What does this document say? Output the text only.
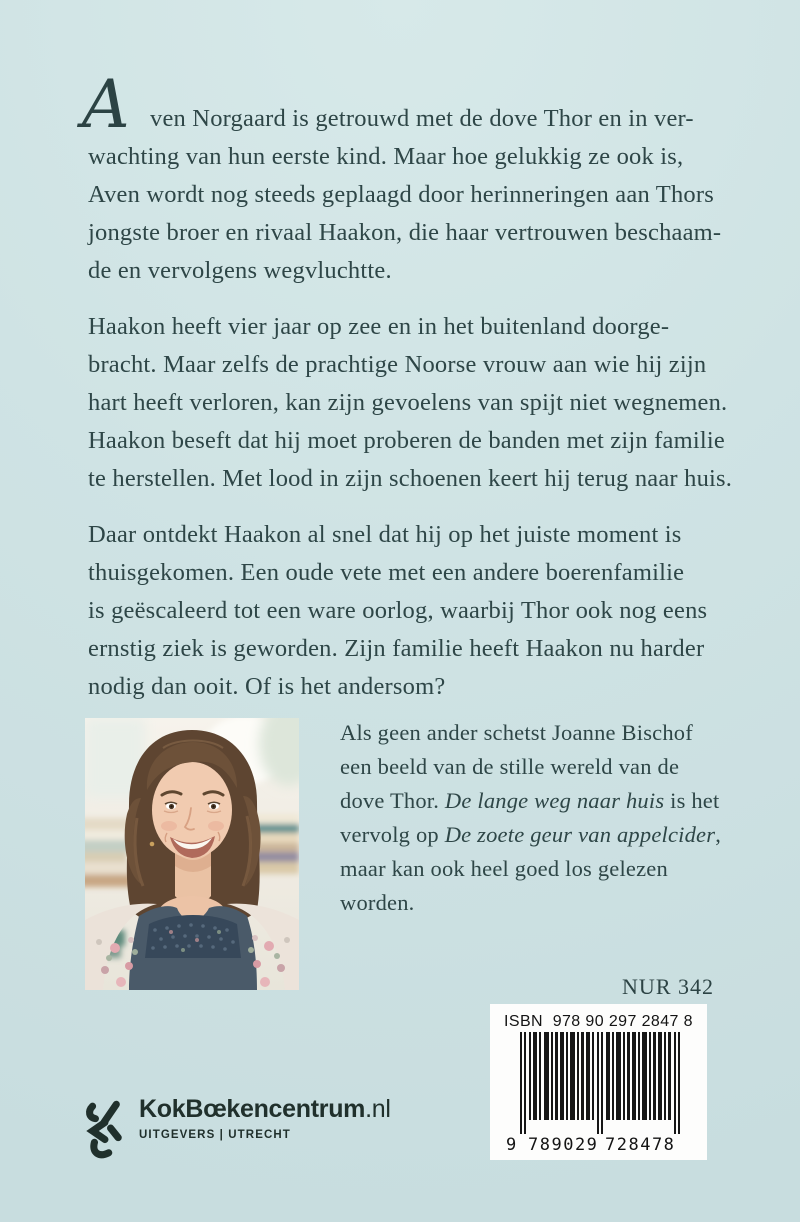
A ven Norgaard is getrouwd met de dove Thor en in ver-
wachting van hun eerste kind. Maar hoe gelukkig ze ook is,
Aven wordt nog steeds geplaagd door herinneringen aan Thors
jongste broer en rivaal Haakon, die haar vertrouwen beschaam-
de en vervolgens wegvluchtte.
Haakon heeft vier jaar op zee en in het buitenland doorge-
bracht. Maar zelfs de prachtige Noorse vrouw aan wie hij zijn
hart heeft verloren, kan zijn gevoelens van spijt niet wegnemen.
Haakon beseft dat hij moet proberen de banden met zijn familie
te herstellen. Met lood in zijn schoenen keert hij terug naar huis.
Daar ontdekt Haakon al snel dat hij op het juiste moment is
thuisgekomen. Een oude vete met een andere boerenfamilie
is geëscaleerd tot een ware oorlog, waarbij Thor ook nog eens
ernstig ziek is geworden. Zijn familie heeft Haakon nu harder
nodig dan ooit. Of is het andersom?
Als geen ander schetst Joanne Bischof
een beeld van de stille wereld van de
dove Thor. De lange weg naar huis is het
vervolg op De zoete geur van appelcider,
maar kan ook heel goed los gelezen
worden.
NUR 342
ISBN 978 90 297 2847 8
9 789029 728478
KokBœkencentrum.nl
UITGEVERS | UTRECHT
